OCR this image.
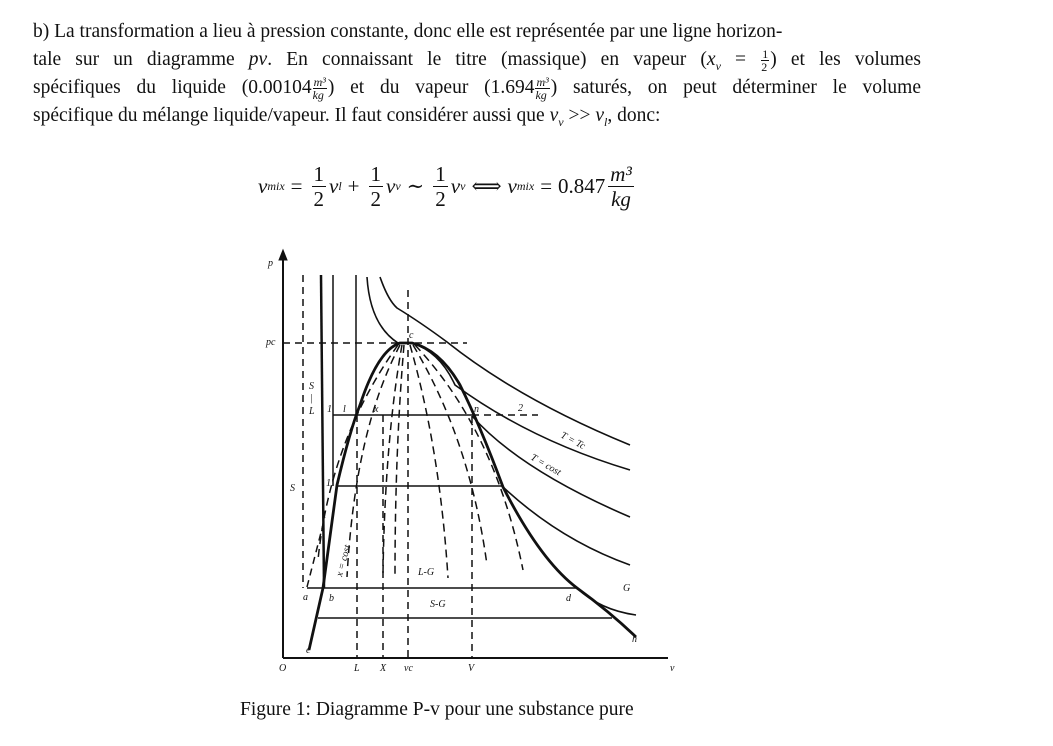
b) La transformation a lieu à pression constante, donc elle est représentée par une ligne horizon-
tale sur un diagramme pv. En connaissant le titre (massique) en vapeur ($x_v = \frac{1}{2}$ ) et les volumes
spécifiques du liquide ($0.00104 \frac{\text{m³}}{kg}$ ) et du vapeur ($1.694 \frac{\text{m³}}{kg}$ ) saturés, on peut déterminer le volume
spécifique du mélange liquide/vapeur. Il faut considérer aussi que $v_v >> v_l$, donc:
v mix = $\frac{1}{2}$ v $l + \frac{1}{2}$ v v ∼ $\frac{1}{2}$ v v ⟺ v mix = $0.847 \frac{\text{m³}}{kg}$
p
pc
c
S
|
L 1 l	x	n	2
T = Tc
T = cost
S	1'
x = cost	L-G
G
a b	d
S-G
h
e
O	L X vc	V	v
Figure 1: Diagramme P-v pour une substance pure
